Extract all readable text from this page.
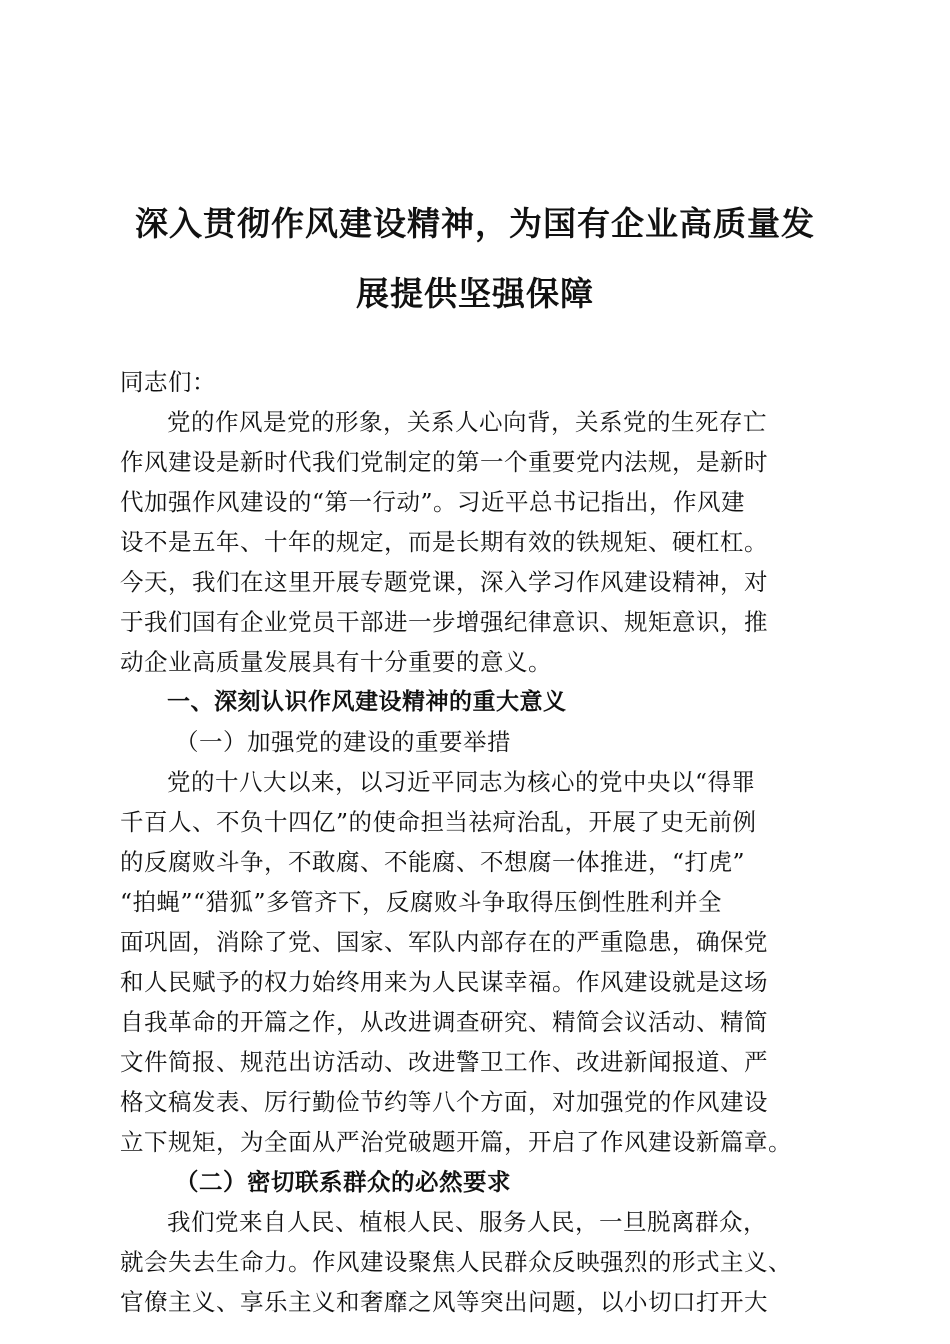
深入贯彻作风建设精神，为国有企业高质量发
展提供坚强保障
同志们：
党的作风是党的形象，关系人心向背，关系党的生死存亡
作风建设是新时代我们党制定的第一个重要党内法规，是新时
代加强作风建设的“第一行动”。习近平总书记指出，作风建
设不是五年、十年的规定，而是长期有效的铁规矩、硬杠杠。
今天，我们在这里开展专题党课，深入学习作风建设精神，对
于我们国有企业党员干部进一步增强纪律意识、规矩意识，推
动企业高质量发展具有十分重要的意义。
一、深刻认识作风建设精神的重大意义
（一）加强党的建设的重要举措
党的十八大以来，以习近平同志为核心的党中央以“得罪
千百人、不负十四亿”的使命担当祛疴治乱，开展了史无前例
的反腐败斗争，不敢腐、不能腐、不想腐一体推进，“打虎”
“拍蝇”“猎狐”多管齐下，反腐败斗争取得压倒性胜利并全
面巩固，消除了党、国家、军队内部存在的严重隐患，确保党
和人民赋予的权力始终用来为人民谋幸福。作风建设就是这场
自我革命的开篇之作，从改进调查研究、精简会议活动、精简
文件简报、规范出访活动、改进警卫工作、改进新闻报道、严
格文稿发表、厉行勤俭节约等八个方面，对加强党的作风建设
立下规矩，为全面从严治党破题开篇，开启了作风建设新篇章。
（二）密切联系群众的必然要求
我们党来自人民、植根人民、服务人民，一旦脱离群众，
就会失去生命力。作风建设聚焦人民群众反映强烈的形式主义、
官僚主义、享乐主义和奢靡之风等突出问题，以小切口打开大
